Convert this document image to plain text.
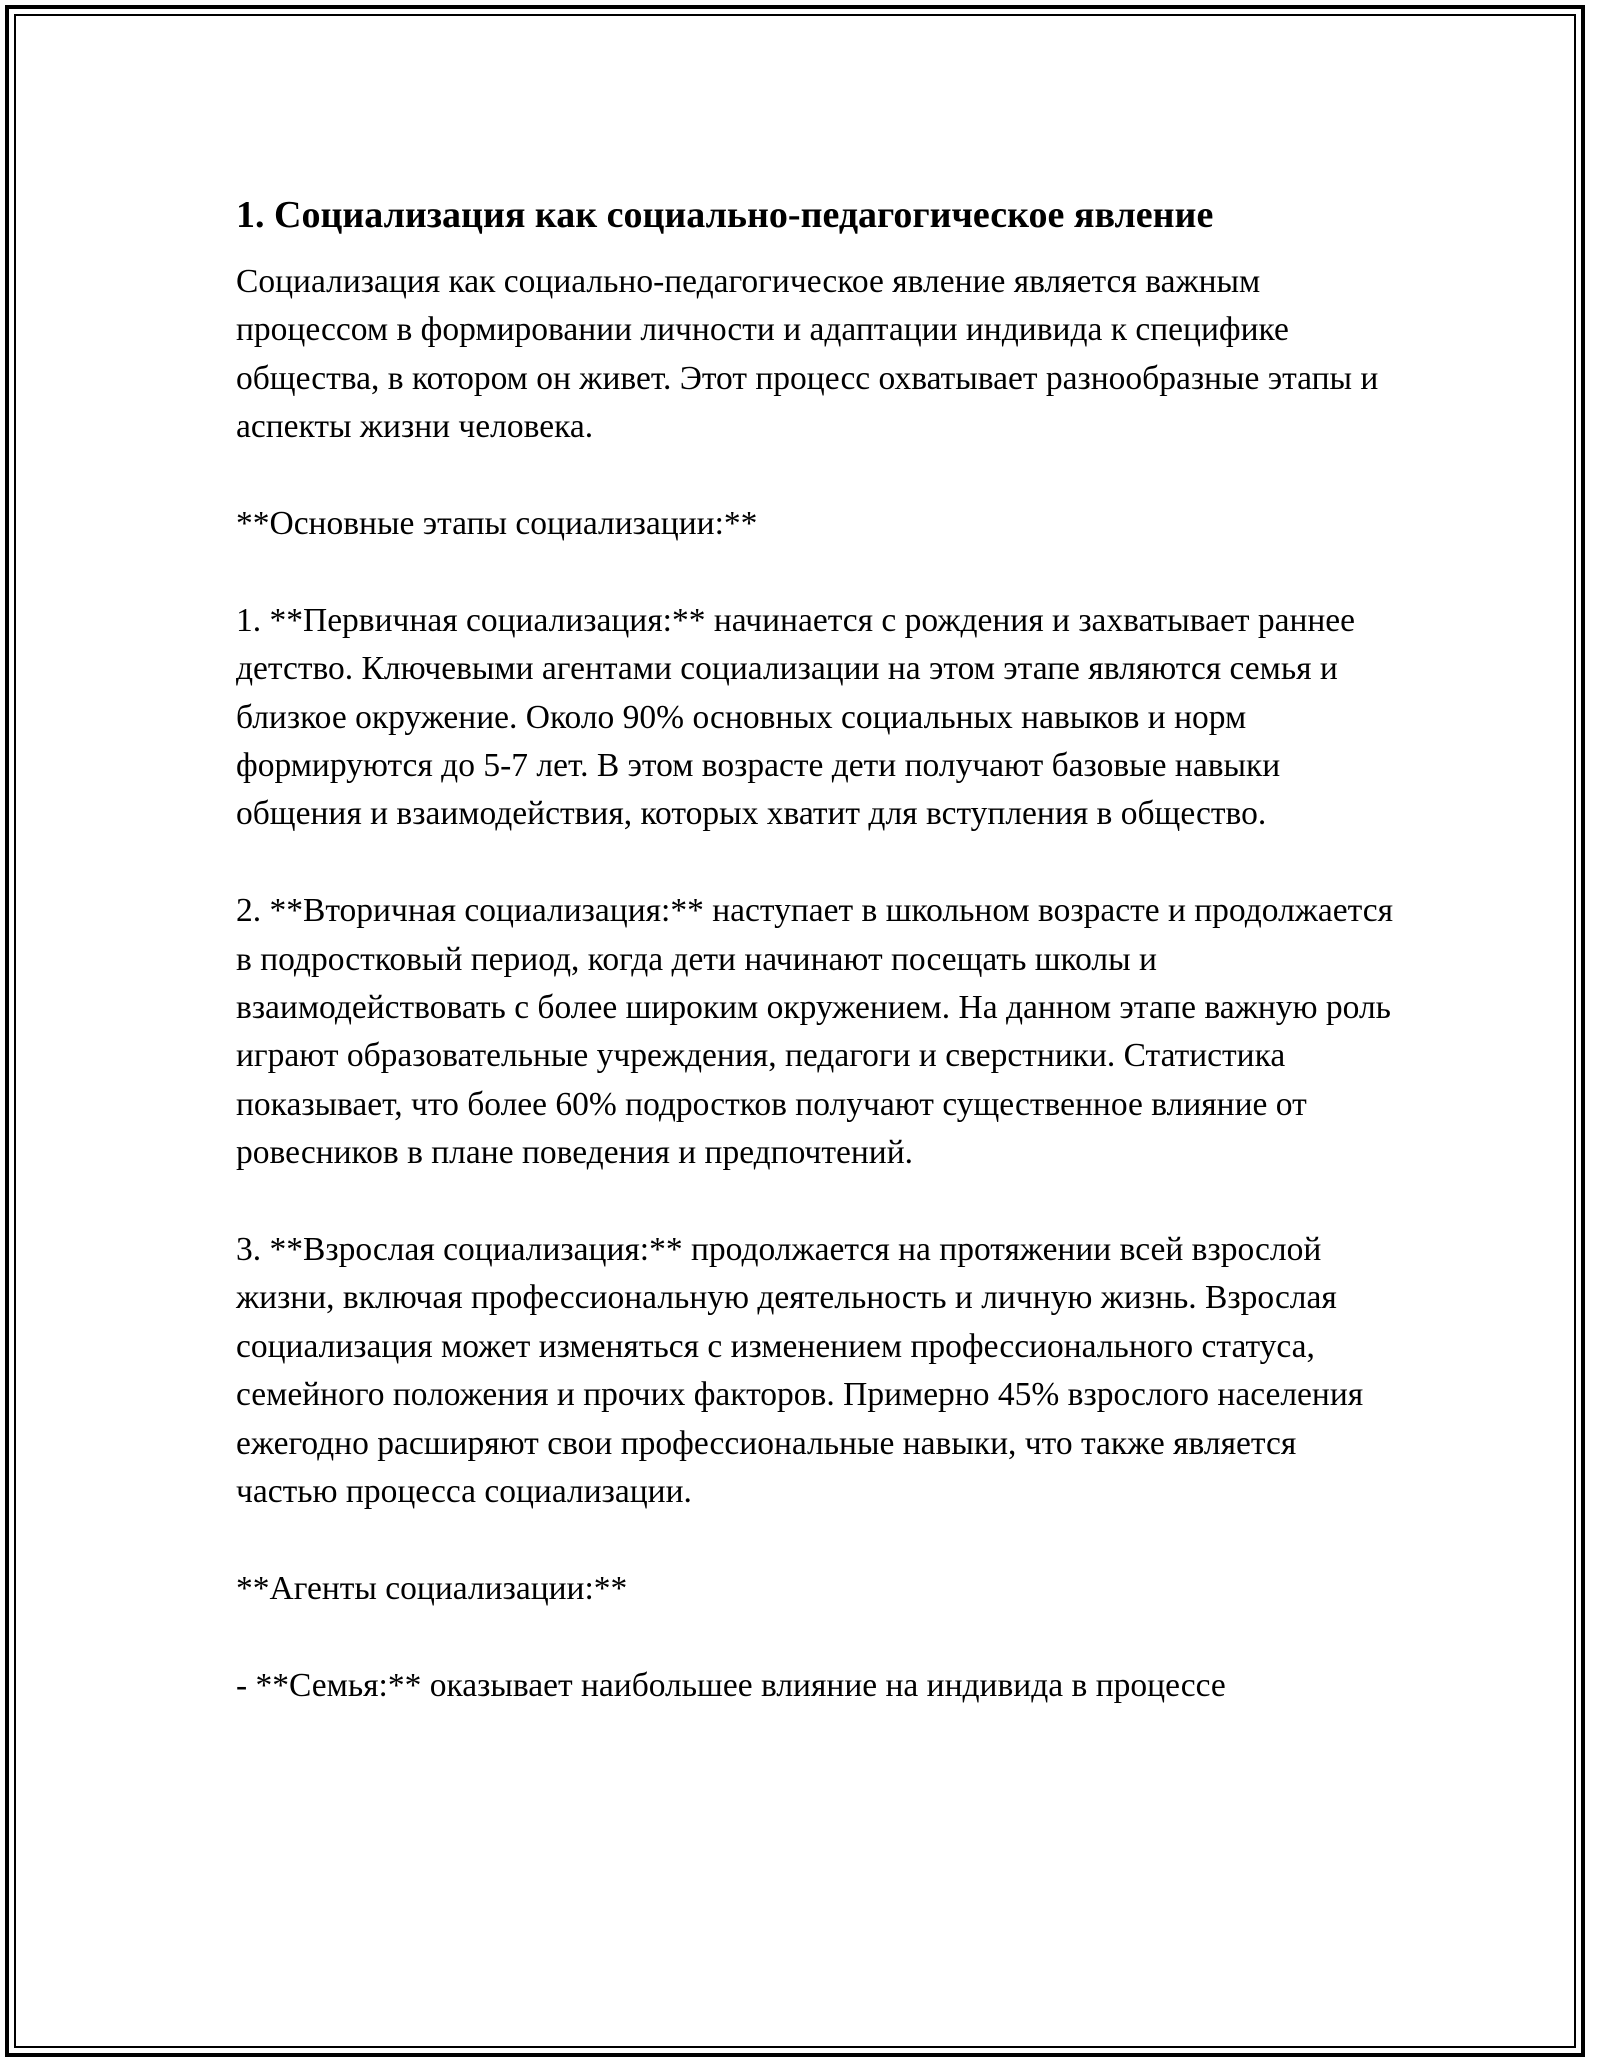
1. Социализация как социально-педагогическое явление

Социализация как социально-педагогическое явление является важным процессом в формировании личности и адаптации индивида к специфике общества, в котором он живет. Этот процесс охватывает разнообразные этапы и аспекты жизни человека.

**Основные этапы социализации:**

1. **Первичная социализация:** начинается с рождения и захватывает раннее детство. Ключевыми агентами социализации на этом этапе являются семья и близкое окружение. Около 90% основных социальных навыков и норм формируются до 5-7 лет. В этом возрасте дети получают базовые навыки общения и взаимодействия, которых хватит для вступления в общество.

2. **Вторичная социализация:** наступает в школьном возрасте и продолжается в подростковый период, когда дети начинают посещать школы и взаимодействовать с более широким окружением. На данном этапе важную роль играют образовательные учреждения, педагоги и сверстники. Статистика показывает, что более 60% подростков получают существенное влияние от ровесников в плане поведения и предпочтений.

3. **Взрослая социализация:** продолжается на протяжении всей взрослой жизни, включая профессиональную деятельность и личную жизнь. Взрослая социализация может изменяться с изменением профессионального статуса, семейного положения и прочих факторов. Примерно 45% взрослого населения ежегодно расширяют свои профессиональные навыки, что также является частью процесса социализации.

**Агенты социализации:**

- **Семья:** оказывает наибольшее влияние на индивида в процессе
